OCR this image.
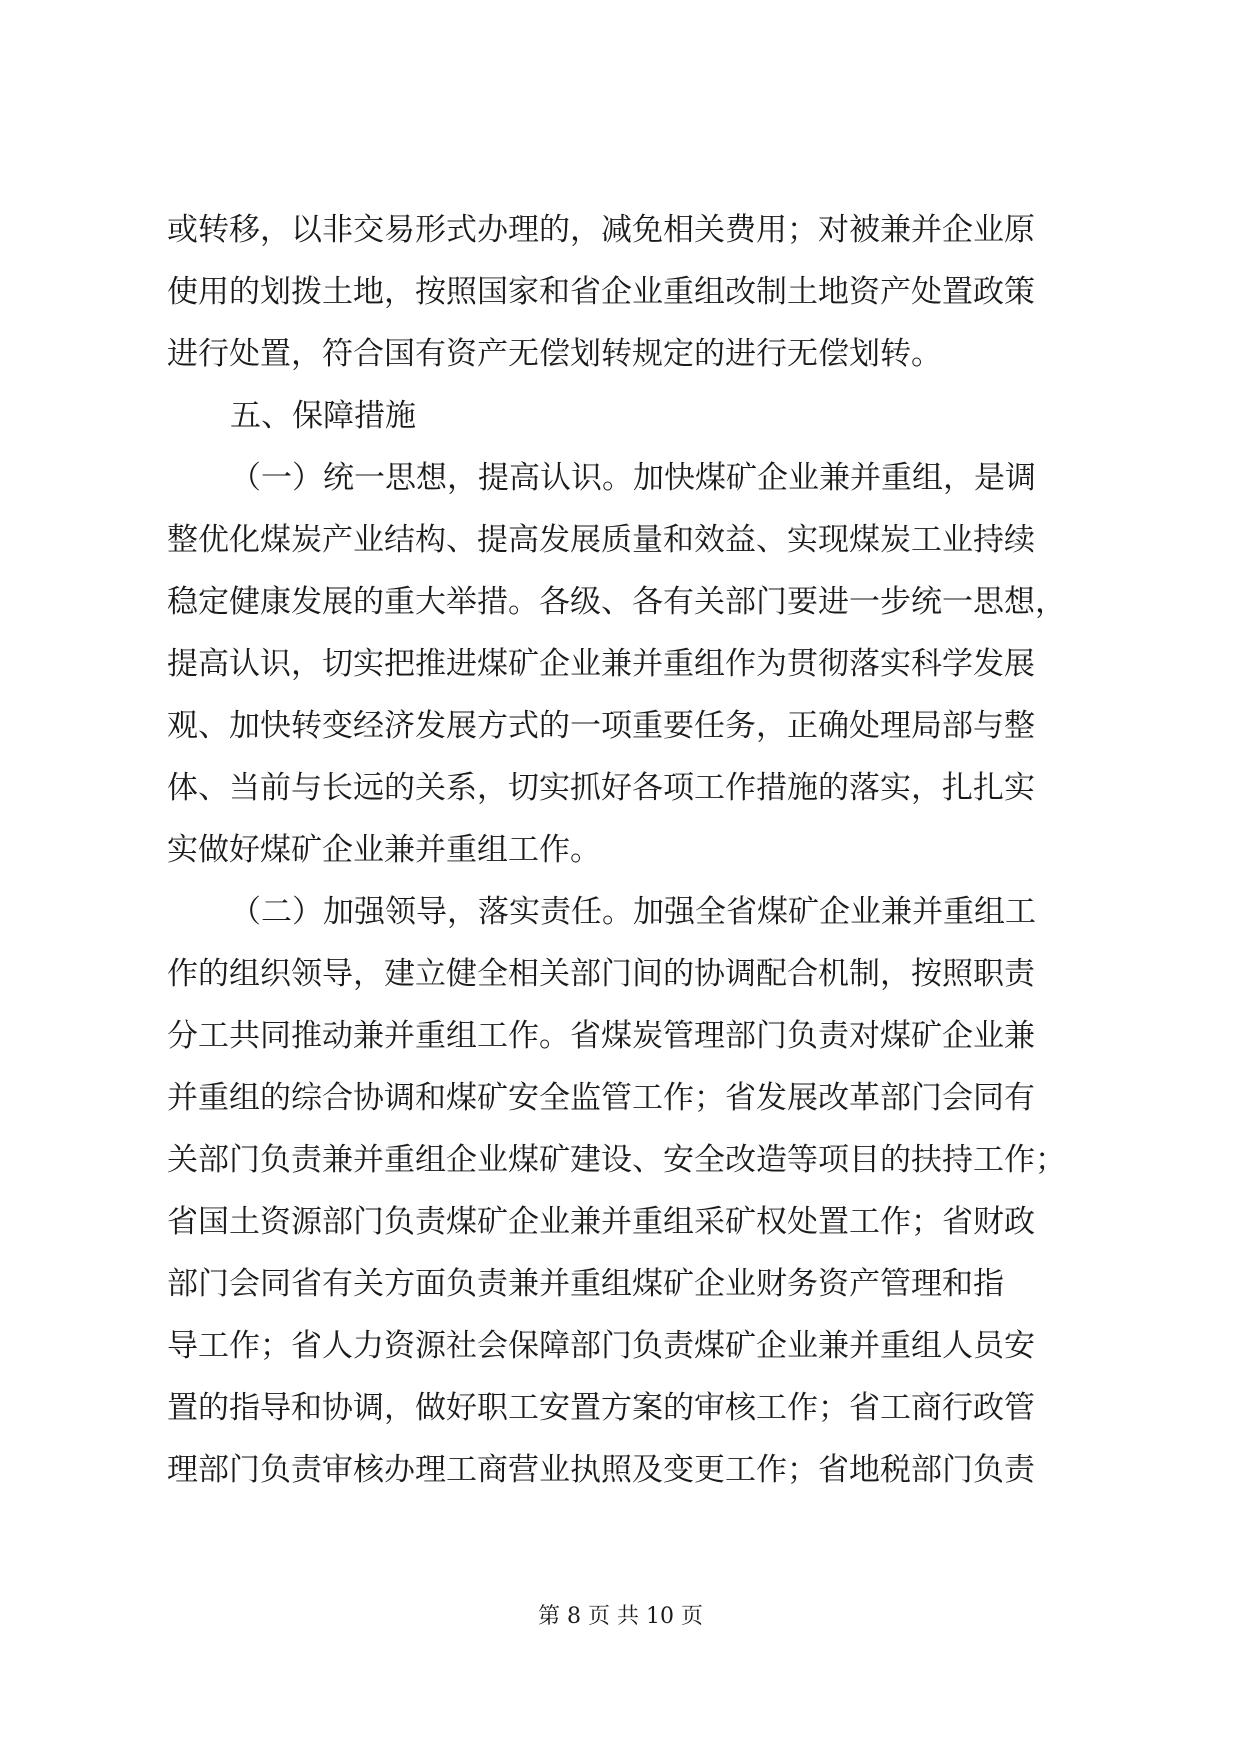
或转移，以非交易形式办理的，减免相关费用；对被兼并企业原
使用的划拨土地，按照国家和省企业重组改制土地资产处置政策
进行处置，符合国有资产无偿划转规定的进行无偿划转。
五、保障措施
（一）统一思想，提高认识。加快煤矿企业兼并重组，是调
整优化煤炭产业结构、提高发展质量和效益、实现煤炭工业持续
稳定健康发展的重大举措。各级、各有关部门要进一步统一思想，
提高认识，切实把推进煤矿企业兼并重组作为贯彻落实科学发展
观、加快转变经济发展方式的一项重要任务，正确处理局部与整
体、当前与长远的关系，切实抓好各项工作措施的落实，扎扎实
实做好煤矿企业兼并重组工作。
（二）加强领导，落实责任。加强全省煤矿企业兼并重组工
作的组织领导，建立健全相关部门间的协调配合机制，按照职责
分工共同推动兼并重组工作。省煤炭管理部门负责对煤矿企业兼
并重组的综合协调和煤矿安全监管工作；省发展改革部门会同有
关部门负责兼并重组企业煤矿建设、安全改造等项目的扶持工作；
省国土资源部门负责煤矿企业兼并重组采矿权处置工作；省财政
部门会同省有关方面负责兼并重组煤矿企业财务资产管理和指
导工作；省人力资源社会保障部门负责煤矿企业兼并重组人员安
置的指导和协调，做好职工安置方案的审核工作；省工商行政管
理部门负责审核办理工商营业执照及变更工作；省地税部门负责
第 8 页 共 10 页
